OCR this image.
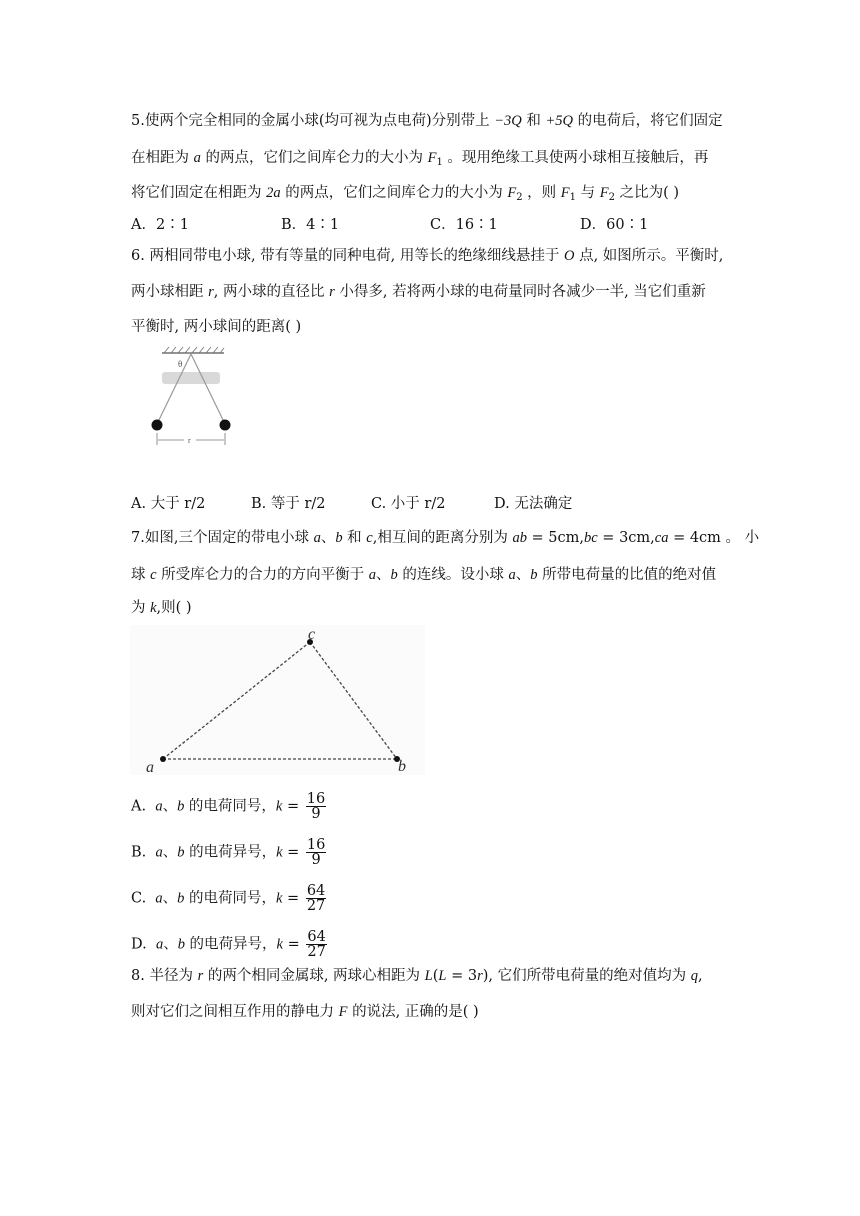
5.使两个完全相同的金属小球(均可视为点电荷)分别带上 −3Q 和 +5Q 的电荷后，将它们固定
在相距为 a 的两点，它们之间库仑力的大小为 $F_1$ 。现用绝缘工具使两小球相互接触后，再
将它们固定在相距为 2a 的两点，它们之间库仑力的大小为 $F_2$ ，则 $F_1$ 与 $F_2$ 之比为( )
A．2∶1	B．4∶1	C．16∶1	D．60∶1
6. 两相同带电小球, 带有等量的同种电荷, 用等长的绝缘细线悬挂于 O 点, 如图所示。平衡时,
两小球相距 r, 两小球的直径比 r 小得多, 若将两小球的电荷量同时各减少一半, 当它们重新
平衡时, 两小球间的距离( )
θ
r
A. 大于 r/2	B. 等于 r/2	C. 小于 r/2	D. 无法确定
7.如图,三个固定的带电小球 a、b 和 c,相互间的距离分别为 ab = 5cm,bc = 3cm,ca = 4cm 。 小
球 c 所受库仑力的合力的方向平衡于 a、b 的连线。设小球 a、b 所带电荷量的比值的绝对值
为 k,则( )
a	b
c
A. a、b 的电荷同号，$k = \frac{16}{9}$
B. a、b 的电荷异号，$k = \frac{16}{9}$
C. a、b 的电荷同号，$k = \frac{64}{27}$
D. a、b 的电荷异号，$k = \frac{64}{27}$
8. 半径为 r 的两个相同金属球, 两球心相距为 L(L = 3r), 它们所带电荷量的绝对值均为 q,
则对它们之间相互作用的静电力 F 的说法, 正确的是( )
